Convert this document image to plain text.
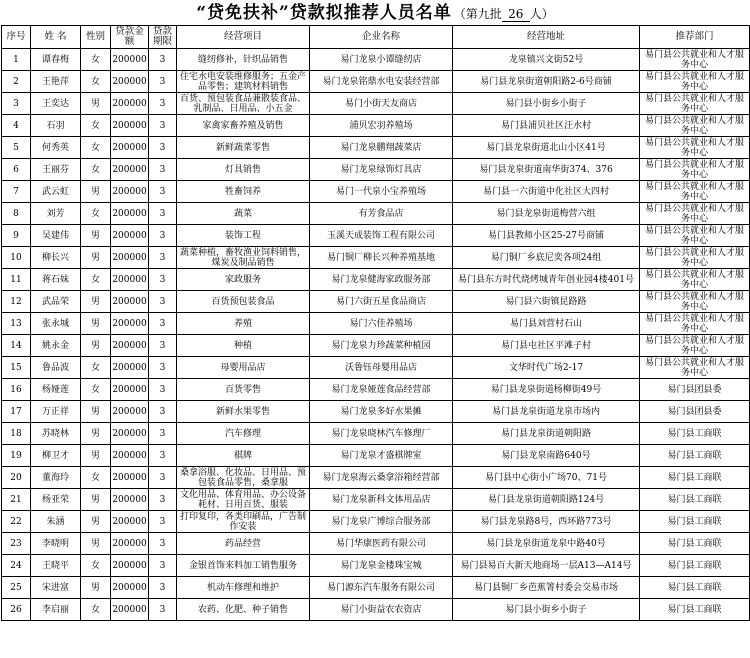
“贷免扶补”贷款拟推荐人员名单 （第九批 26 人）
序号	姓 名	性别	贷款金额	贷款期限	经营项目	企业名称	经营地址	推荐部门
1	谭春梅	女	200000	3	缝纫修补，针织品销售	易门龙泉小谭缝纫店	龙泉镇兴文街52号	易门县公共就业和人才服务中心
2	王艳萍	女	200000	3	住宅水电安装维修服务；五金产品零售；建筑材料销售	易门龙泉铭鼎水电安装经营部	易门县龙泉街道朝阳路2-6号商铺	易门县公共就业和人才服务中心
3	王奕达	男	200000	3	百货、预包装食品兼散装食品、乳制品、日用品、小五金	易门小街天友商店	易门县小街乡小街子	易门县公共就业和人才服务中心
4	石羽	女	200000	3	家禽家畜养殖及销售	浦贝宏羽养殖场	易门县浦贝社区汪水村	易门县公共就业和人才服务中心
5	何秀英	女	200000	3	新鲜蔬菜零售	易门龙泉鹏翔蔬菜店	易门县龙泉街道北山小区41号	易门县公共就业和人才服务中心
6	王丽芬	女	200000	3	灯具销售	易门龙泉绿饰灯具店	易门县龙泉街道南华街374、376	易门县公共就业和人才服务中心
7	武云虹	男	200000	3	牲畜饲养	易门一代泉小宝养殖场	易门县一六街道中化社区大四村	易门县公共就业和人才服务中心
8	刘芳	女	200000	3	蔬菜	有芳食品店	易门县龙泉街道梅营六组	易门县公共就业和人才服务中心
9	吴建伟	男	200000	3	装饰工程	玉溪天成装饰工程有限公司	易门县教师小区25-27号商铺	易门县公共就业和人才服务中心
10	柳长兴	男	200000	3	蔬菜种植，畜牧渔业饲料销售，煤炭及制品销售	易门铜厂柳长兴种养殖基地	易门铜厂乡底尼奕各项24组	易门县公共就业和人才服务中心
11	蒋石妹	女	200000	3	家政服务	易门龙泉健海家政服务部	易门县东方时代烧烤城青年创业园4楼401号	易门县公共就业和人才服务中心
12	武品荣	男	200000	3	百货预包装食品	易门六街五星食品商店	易门县六街镇昆路路	易门县公共就业和人才服务中心
13	张永城	男	200000	3	养殖	易门六佳养殖场	易门县刘营村石山	易门县公共就业和人才服务中心
14	姚永金	男	200000	3	种植	易门龙泉力珍蔬菜种植园	易门县屯社区平滩子村	易门县公共就业和人才服务中心
15	鲁品波	女	200000	3	母婴用品店	沃鲁钰母婴用品店	文华时代广场2-17	易门县公共就业和人才服务中心
16	杨娅莲	女	200000	3	百货零售	易门龙泉娅莲食品经营部	易门县龙泉街道杨柳街49号	易门县团县委
17	万正祥	男	200000	3	新鲜水果零售	易门龙泉多好水果摊	易门县龙泉街道龙泉市场内	易门县团县委
18	苏晓林	男	200000	3	汽车修理	易门龙泉晓林汽车修理厂	易门县龙泉街道朝阳路	易门县工商联
19	柳卫才	男	200000	3	棋牌	易门龙泉才盛棋牌室	易门县龙泉南路640号	易门县工商联
20	董海玲	女	200000	3	桑拿浴服、化妆品、日用品、预包装食品零售，桑拿服	易门龙泉海云桑拿浴箱经营部	易门县中心街小广场70、71号	易门县工商联
21	杨亚荣	男	200000	3	文化用品、体育用品、办公设备耗材、日用百货、服装	易门龙泉新科文体用品店	易门县龙泉街道朝阳路124号	易门县工商联
22	朱涵	男	200000	3	打印复印，各类印刷品，广告制作安装	易门龙泉广博综合服务部	易门县龙泉路8号，西环路773号	易门县工商联
23	李晓明	男	200000	3	药品经营	易门华康医药有限公司	易门县龙泉街道龙泉中路40号	易门县工商联
24	王晓平	女	200000	3	金银首饰来料加工销售服务	易门龙泉金楼珠宝城	易门县易百大新天地商场一层A13—A14号	易门县工商联
25	宋进富	男	200000	3	机动车修理和维护	易门源东汽车服务有限公司	易门县铜厂乡芭蕉箐村委会交易市场	易门县工商联
26	李启丽	女	200000	3	农药、化肥、种子销售	易门小街益农农资店	易门县小街乡小街子	易门县工商联
